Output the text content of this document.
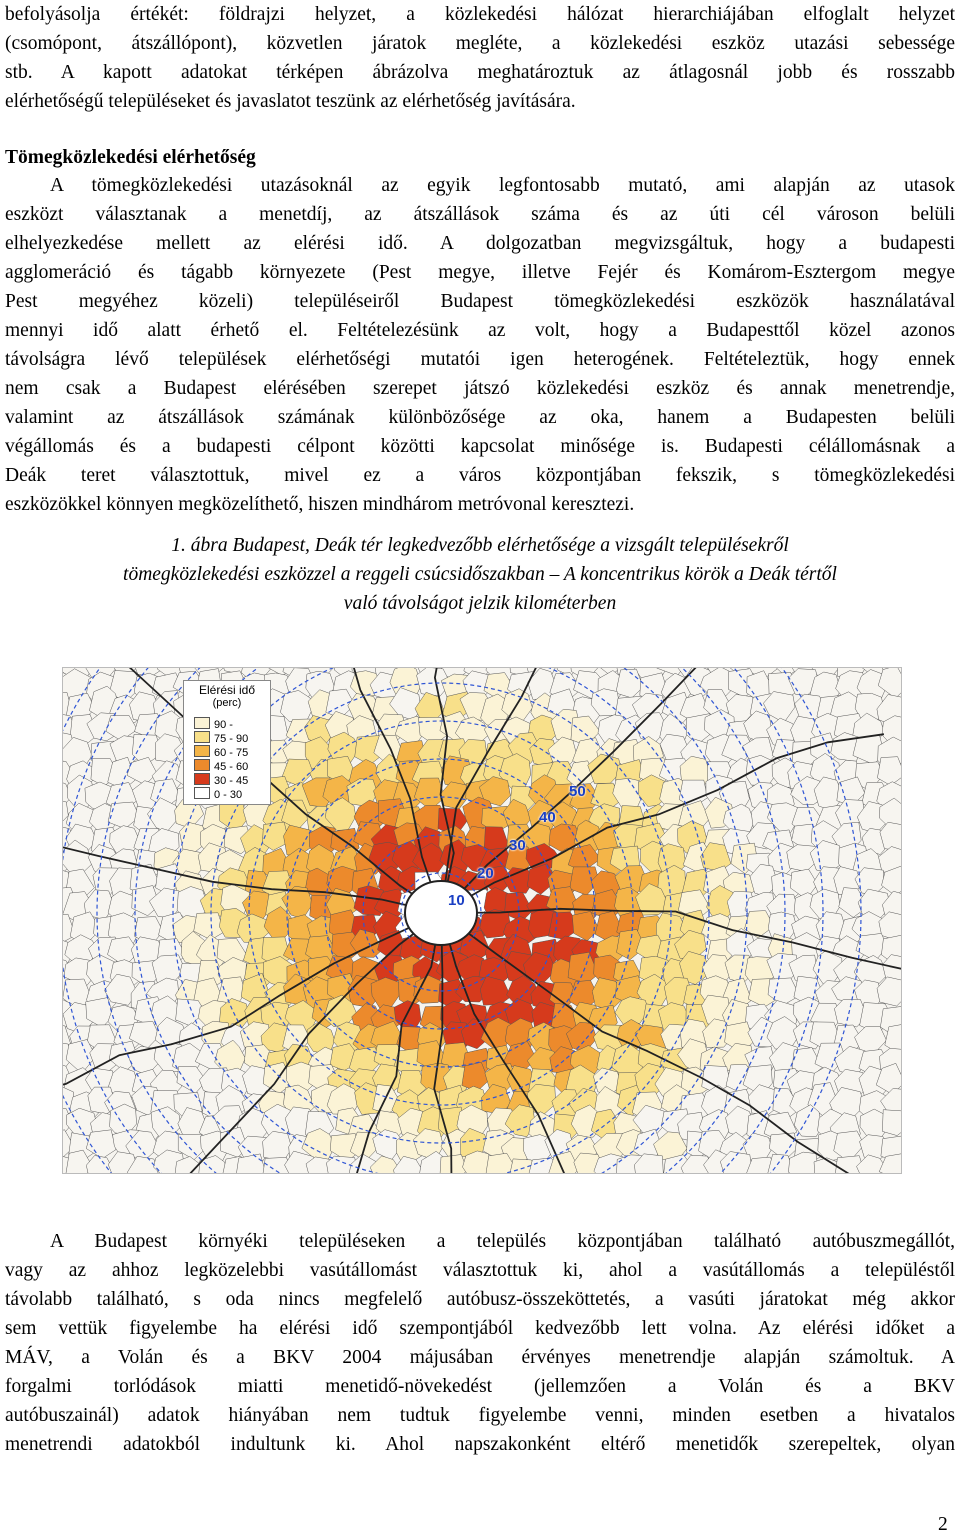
befolyásolja értékét: földrajzi helyzet, a közlekedési hálózat hierarchiájában elfoglalt helyzet
(csomópont, átszállópont), közvetlen járatok megléte, a közlekedési eszköz utazási sebessége
stb. A kapott adatokat térképen ábrázolva meghatároztuk az átlagosnál jobb és rosszabb
elérhetőségű településeket és javaslatot teszünk az elérhetőség javítására.
Tömegközlekedési elérhetőség
A tömegközlekedési utazásoknál az egyik legfontosabb mutató, ami alapján az utasok
eszközt választanak a menetdíj, az átszállások száma és az úti cél városon belüli
elhelyezkedése mellett az elérési idő. A dolgozatban megvizsgáltuk, hogy a budapesti
agglomeráció és tágabb környezete (Pest megye, illetve Fejér és Komárom-Esztergom megye
Pest megyéhez közeli) településeiről Budapest tömegközlekedési eszközök használatával
mennyi idő alatt érhető el. Feltételezésünk az volt, hogy a Budapesttől közel azonos
távolságra lévő települések elérhetőségi mutatói igen heterogének. Feltételeztük, hogy ennek
nem csak a Budapest elérésében szerepet játszó közlekedési eszköz és annak menetrendje,
valamint az átszállások számának különbözősége az oka, hanem a Budapesten belüli
végállomás és a budapesti célpont közötti kapcsolat minősége is. Budapesti célállomásnak a
Deák teret választottuk, mivel ez a város központjában fekszik, s tömegközlekedési
eszközökkel könnyen megközelíthető, hiszen mindhárom metróvonal keresztezi.
1. ábra Budapest, Deák tér legkedvezőbb elérhetősége a vizsgált településekről
tömegközlekedési eszközzel a reggeli csúcsidőszakban – A koncentrikus körök a Deák tértől
való távolságot jelzik kilométerben
Elérési idő
(perc)
90 -
75 - 90
60 - 75
45 - 60
30 - 45
0 - 30
10
20
30
40
50
A Budapest környéki településeken a település központjában található autóbuszmegállót,
vagy az ahhoz legközelebbi vasútállomást választottuk ki, ahol a vasútállomás a településtől
távolabb található, s oda nincs megfelelő autóbusz-összeköttetés, a vasúti járatokat még akkor
sem vettük figyelembe ha elérési idő szempontjából kedvezőbb lett volna. Az elérési időket a
MÁV, a Volán és a BKV 2004 májusában érvényes menetrendje alapján számoltuk. A
forgalmi torlódások miatti menetidő-növekedést (jellemzően a Volán és a BKV
autóbuszainál) adatok hiányában nem tudtuk figyelembe venni, minden esetben a hivatalos
menetrendi adatokból indultunk ki. Ahol napszakonként eltérő menetidők szerepeltek, olyan
2
